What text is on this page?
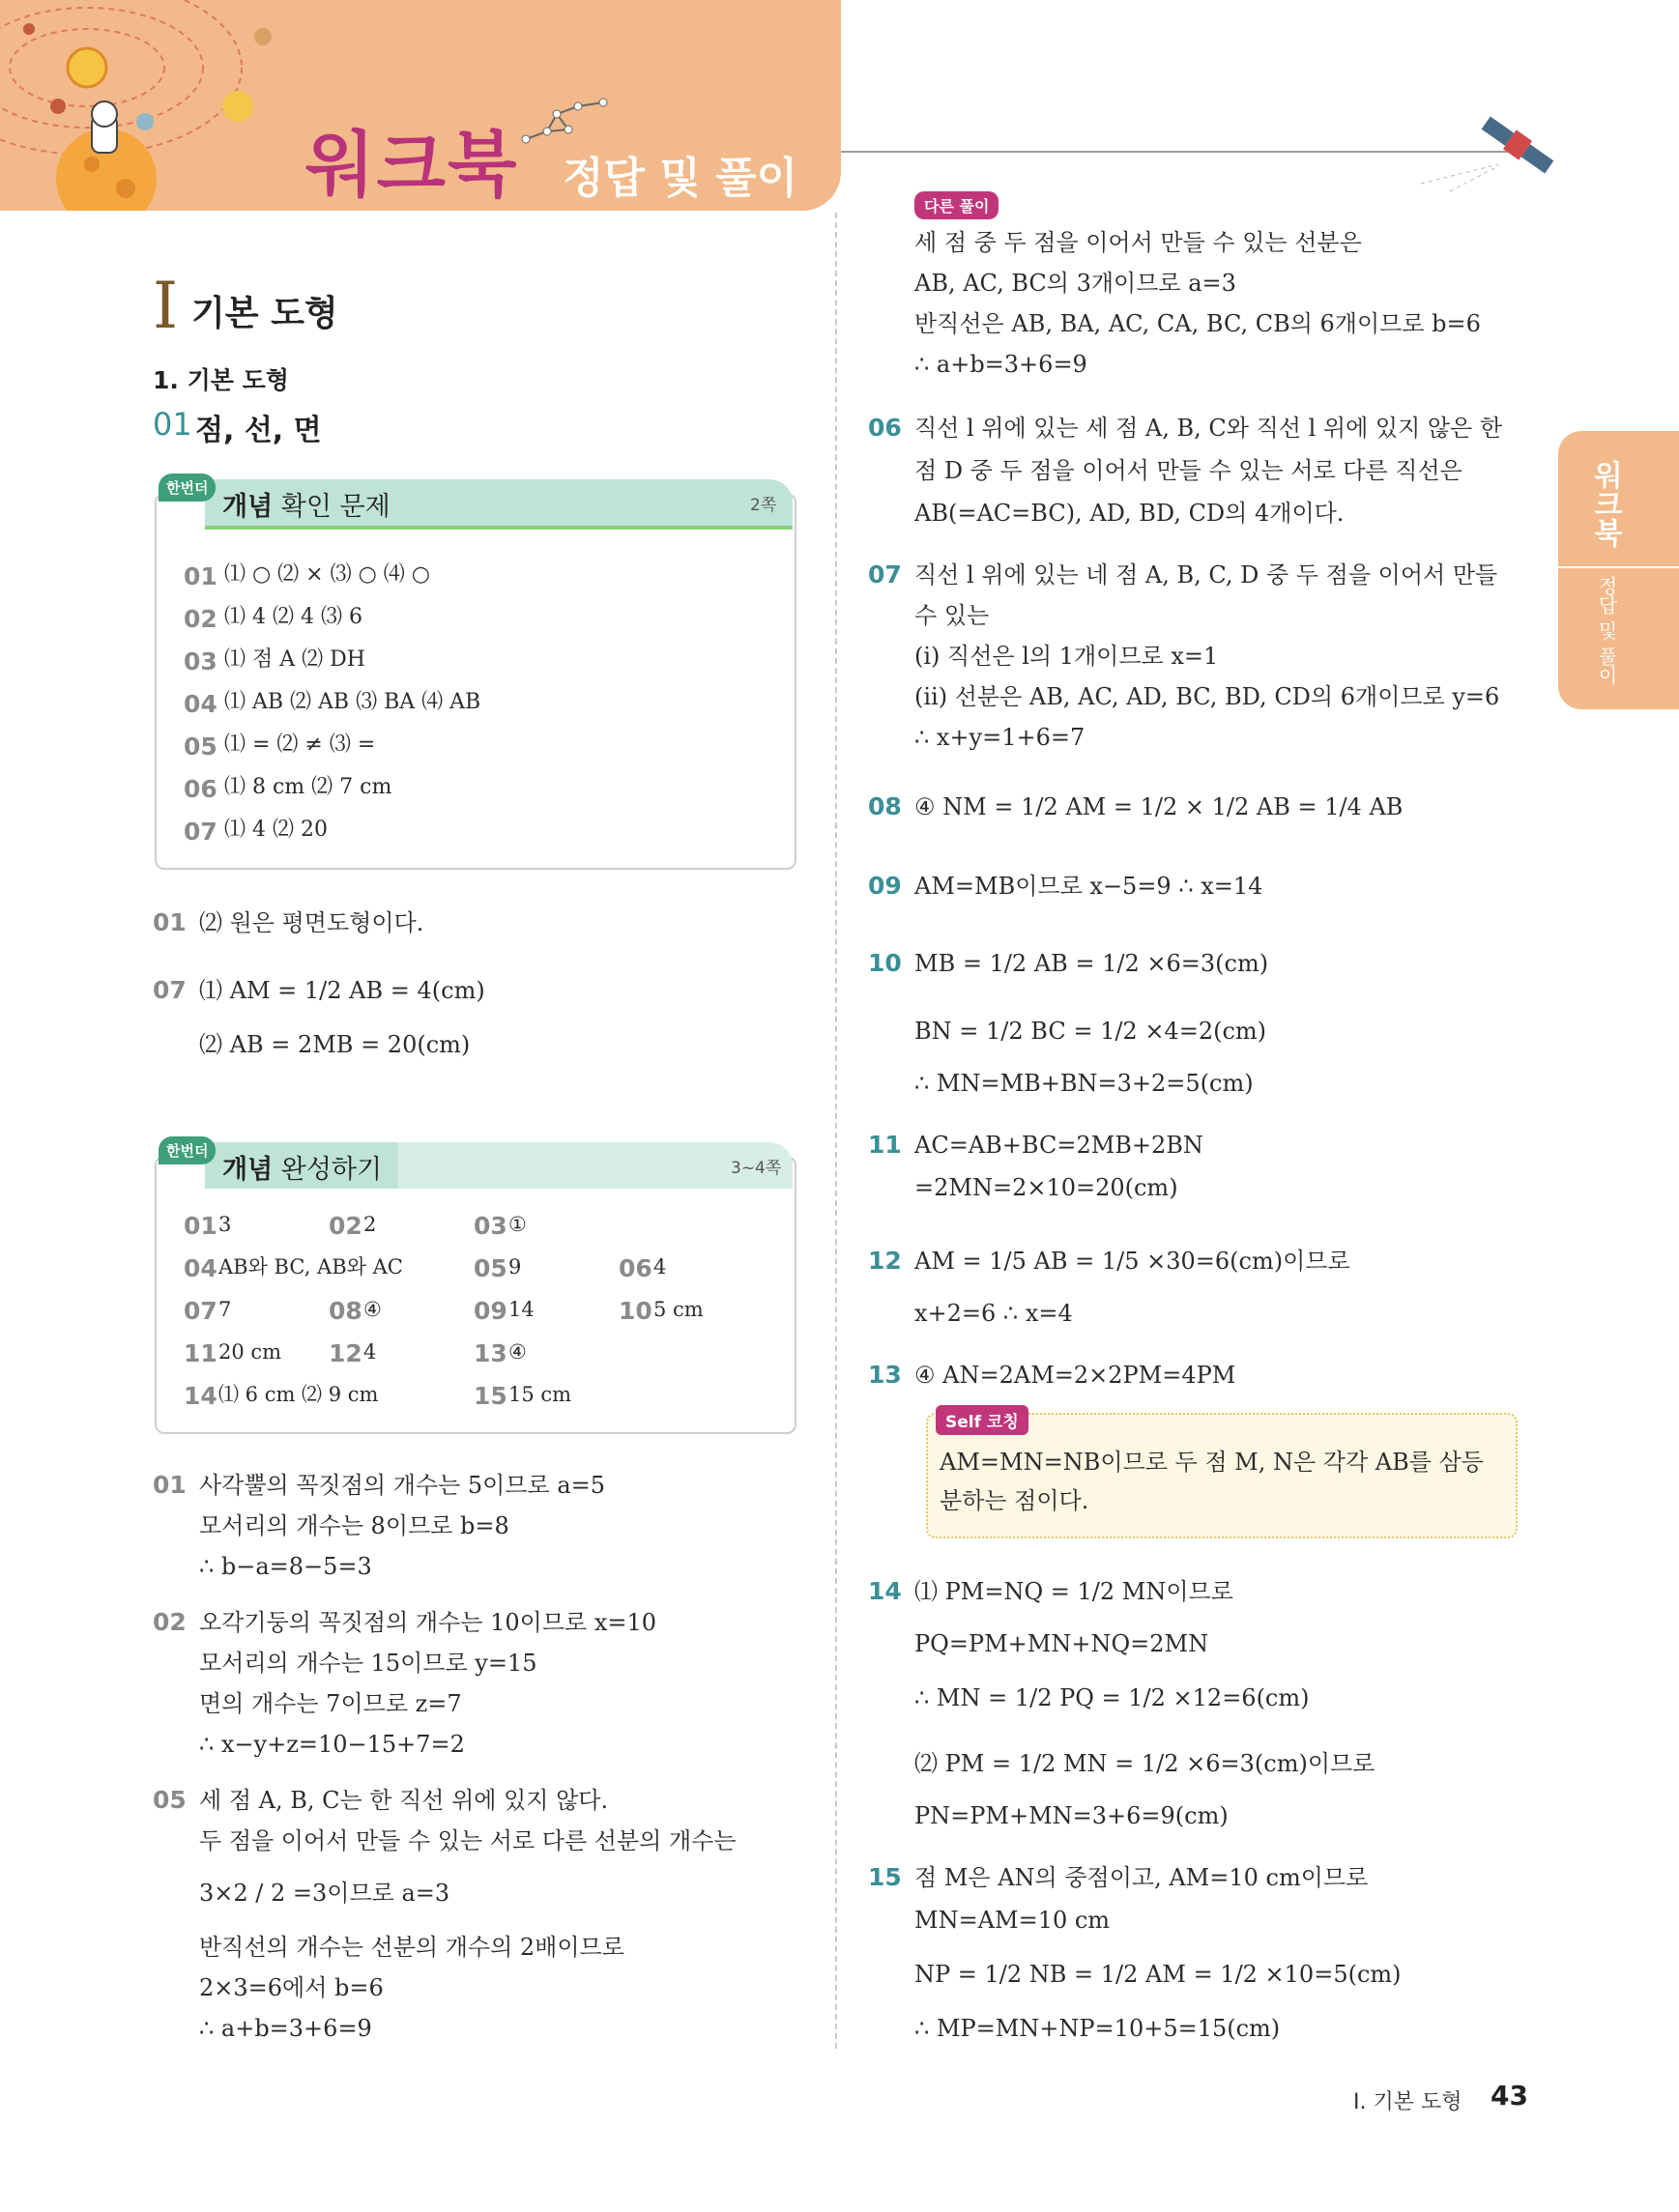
워크북 정답 및 풀이
워크북
정답 및 풀이
I 기본 도형
1. 기본 도형
01 점, 선, 면
한번더
개념 확인 문제	2쪽
01 ⑴ ○ ⑵ × ⑶ ○ ⑷ ○
02 ⑴ 4 ⑵ 4 ⑶ 6
03 ⑴ 점 A ⑵ DH
04 ⑴ AB ⑵ AB ⑶ BA ⑷ AB
05 ⑴ = ⑵ ≠ ⑶ =
06 ⑴ 8 cm ⑵ 7 cm
07 ⑴ 4 ⑵ 20
01 ⑵ 원은 평면도형이다.
07 ⑴ AM = 1/2 AB = 4(cm)
⑵ AB = 2MB = 20(cm)
한번더
개념 완성하기	3~4쪽
01 3	02 2	03 ①
04 AB와 BC, AB와 AC	05 9	06 4
07 7	08 ④	09 14	10 5 cm
11 20 cm 12 4	13 ④
14 ⑴ 6 cm ⑵ 9 cm	15 15 cm
01 사각뿔의 꼭짓점의 개수는 5이므로 a=5
모서리의 개수는 8이므로 b=8
∴ b−a=8−5=3
02 오각기둥의 꼭짓점의 개수는 10이므로 x=10
모서리의 개수는 15이므로 y=15
면의 개수는 7이므로 z=7
∴ x−y+z=10−15+7=2
05 세 점 A, B, C는 한 직선 위에 있지 않다.
두 점을 이어서 만들 수 있는 서로 다른 선분의 개수는
3×2 / 2 =3이므로 a=3
반직선의 개수는 선분의 개수의 2배이므로
2×3=6에서 b=6
∴ a+b=3+6=9
다른 풀이
세 점 중 두 점을 이어서 만들 수 있는 선분은
AB, AC, BC의 3개이므로 a=3
반직선은 AB, BA, AC, CA, BC, CB의 6개이므로 b=6
∴ a+b=3+6=9
06 직선 l 위에 있는 세 점 A, B, C와 직선 l 위에 있지 않은 한
점 D 중 두 점을 이어서 만들 수 있는 서로 다른 직선은
AB(=AC=BC), AD, BD, CD의 4개이다.
07 직선 l 위에 있는 네 점 A, B, C, D 중 두 점을 이어서 만들
수 있는
(ⅰ) 직선은 l의 1개이므로 x=1
(ⅱ) 선분은 AB, AC, AD, BC, BD, CD의 6개이므로 y=6
∴ x+y=1+6=7
08 ④ NM = 1/2 AM = 1/2 × 1/2 AB = 1/4 AB
09 AM=MB이므로 x−5=9 ∴ x=14
10 MB = 1/2 AB = 1/2 ×6=3(cm)
BN = 1/2 BC = 1/2 ×4=2(cm)
∴ MN=MB+BN=3+2=5(cm)
11 AC=AB+BC=2MB+2BN
=2MN=2×10=20(cm)
12 AM = 1/5 AB = 1/5 ×30=6(cm)이므로
x+2=6 ∴ x=4
13 ④ AN=2AM=2×2PM=4PM
14 ⑴ PM=NQ = 1/2 MN이므로
PQ=PM+MN+NQ=2MN
∴ MN = 1/2 PQ = 1/2 ×12=6(cm)
⑵ PM = 1/2 MN = 1/2 ×6=3(cm)이므로
PN=PM+MN=3+6=9(cm)
15 점 M은 AN의 중점이고, AM=10 cm이므로
MN=AM=10 cm
NP = 1/2 NB = 1/2 AM = 1/2 ×10=5(cm)
∴ MP=MN+NP=10+5=15(cm)
Self 코칭
AM=MN=NB이므로 두 점 M, N은 각각 AB를 삼등
분하는 점이다.
I. 기본 도형 43
